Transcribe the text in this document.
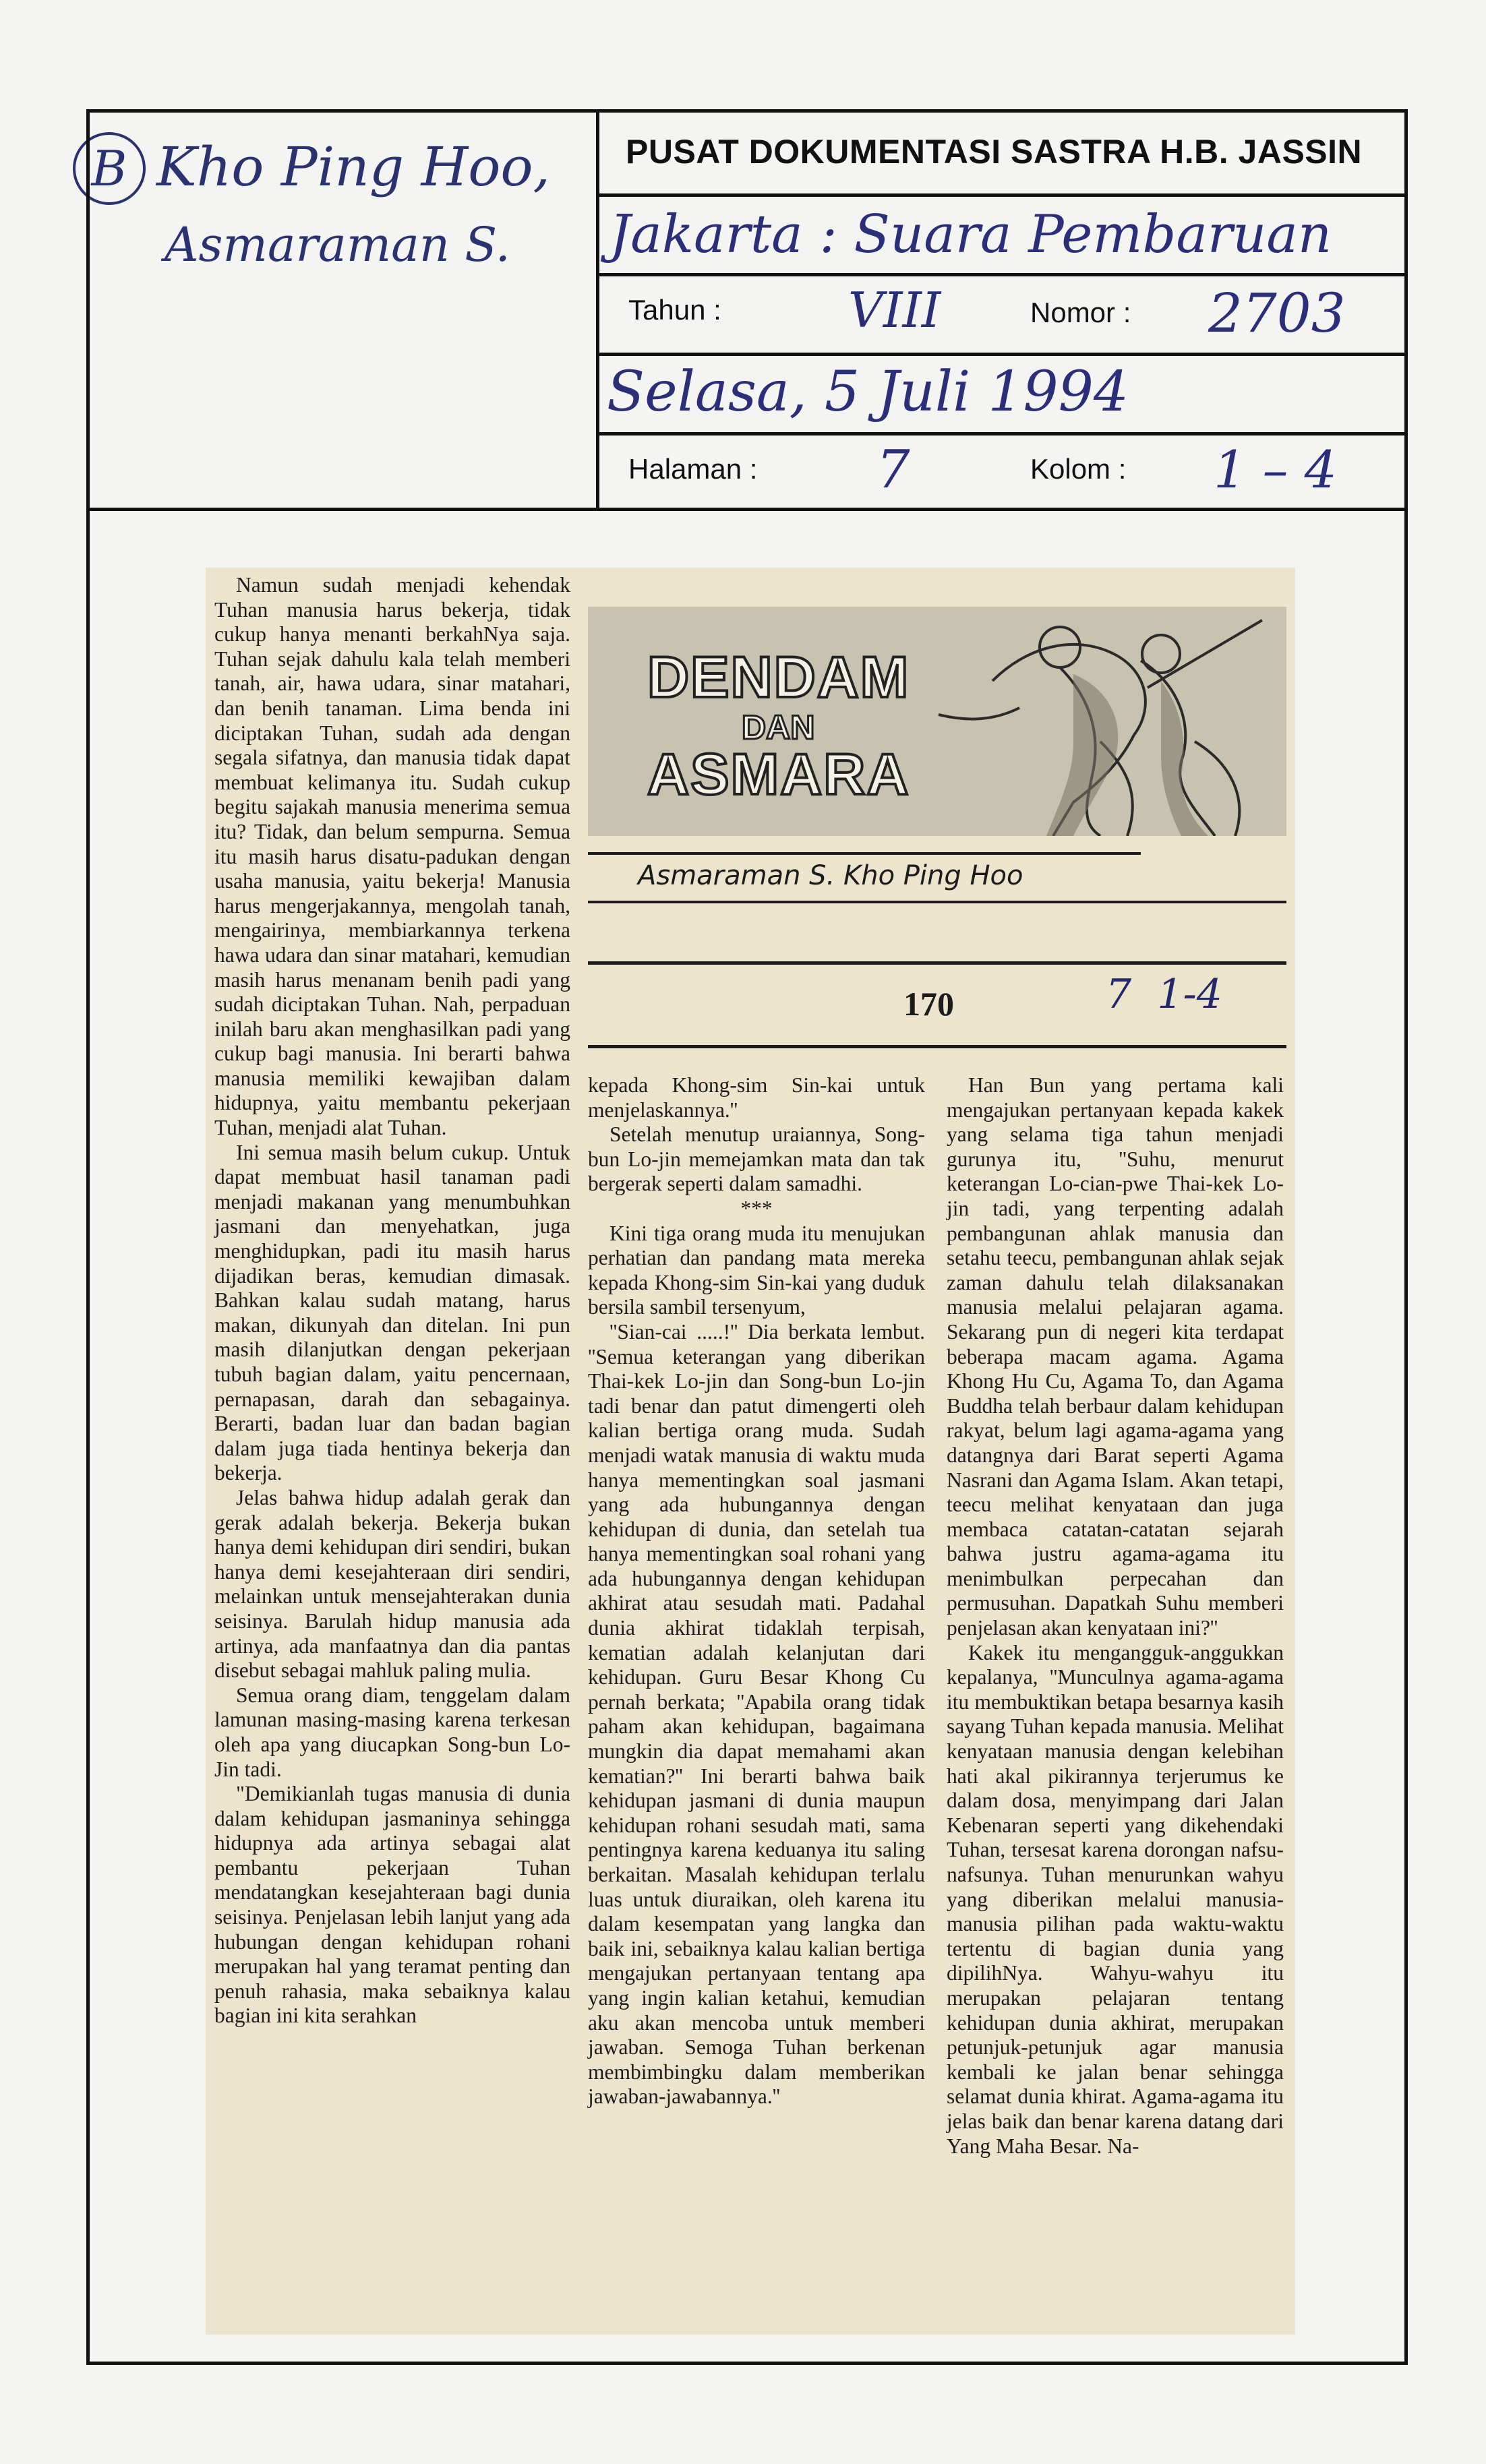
B Kho Ping Hoo,
Asmaraman S.
PUSAT DOKUMENTASI SASTRA H.B. JASSIN
Jakarta : Suara Pembaruan
Tahun :	VIII	Nomor : 2703
Selasa, 5 Juli 1994
Halaman : 7	Kolom : 1 – 4
DENDAM
DAN
ASMARA
Asmaraman S. Kho Ping Hoo
170	7  1-4

Namun sudah menjadi kehendak Tuhan manusia harus bekerja, tidak cukup hanya menanti berkahNya saja. Tuhan sejak dahulu kala telah memberi tanah, air, hawa udara, sinar matahari, dan benih tanaman. Lima benda ini diciptakan Tuhan, sudah ada dengan segala sifatnya, dan manusia tidak dapat membuat kelimanya itu. Sudah cukup begitu sajakah manusia menerima semua itu? Tidak, dan belum sempurna. Semua itu masih harus disatu-padukan dengan usaha manusia, yaitu bekerja! Manusia harus mengerjakannya, mengolah tanah, mengairinya, membiarkannya terkena hawa udara dan sinar matahari, kemudian masih harus menanam benih padi yang sudah diciptakan Tuhan. Nah, perpaduan inilah baru akan menghasilkan padi yang cukup bagi manusia. Ini berarti bahwa manusia memiliki kewajiban dalam hidupnya, yaitu membantu pekerjaan Tuhan, menjadi alat Tuhan.

Ini semua masih belum cukup. Untuk dapat membuat hasil tanaman padi menjadi makanan yang menumbuhkan jasmani dan menyehatkan, juga menghidupkan, padi itu masih harus dijadikan beras, kemudian dimasak. Bahkan kalau sudah matang, harus makan, dikunyah dan ditelan. Ini pun masih dilanjutkan dengan pekerjaan tubuh bagian dalam, yaitu pencernaan, pernapasan, darah dan sebagainya. Berarti, badan luar dan badan bagian dalam juga tiada hentinya bekerja dan bekerja.

Jelas bahwa hidup adalah gerak dan gerak adalah bekerja. Bekerja bukan hanya demi kehidupan diri sendiri, bukan hanya demi kesejahteraan diri sendiri, melainkan untuk mensejahterakan dunia seisinya. Barulah hidup manusia ada artinya, ada manfaatnya dan dia pantas disebut sebagai mahluk paling mulia.

Semua orang diam, tenggelam dalam lamunan masing-masing karena terkesan oleh apa yang diucapkan Song-bun Lo-Jin tadi.

"Demikianlah tugas manusia di dunia dalam kehidupan jasmaninya sehingga hidupnya ada artinya sebagai alat pembantu pekerjaan Tuhan mendatangkan kesejahteraan bagi dunia seisinya. Penjelasan lebih lanjut yang ada hubungan dengan kehidupan rohani merupakan hal yang teramat penting dan penuh rahasia, maka sebaiknya kalau bagian ini kita serahkan

kepada Khong-sim Sin-kai untuk menjelaskannya.''

Setelah menutup uraiannya, Song-bun Lo-jin memejamkan mata dan tak bergerak seperti dalam samadhi.

***

Kini tiga orang muda itu menujukan perhatian dan pandang mata mereka kepada Khong-sim Sin-kai yang duduk bersila sambil tersenyum,

''Sian-cai .....!'' Dia berkata lembut. ''Semua keterangan yang diberikan Thai-kek Lo-jin dan Song-bun Lo-jin tadi benar dan patut dimengerti oleh kalian bertiga orang muda. Sudah menjadi watak manusia di waktu muda hanya mementingkan soal jasmani yang ada hubungannya dengan kehidupan di dunia, dan setelah tua hanya mementingkan soal rohani yang ada hubungannya dengan kehidupan akhirat atau sesudah mati. Padahal dunia akhirat tidaklah terpisah, kematian adalah kelanjutan dari kehidupan. Guru Besar Khong Cu pernah berkata; ''Apabila orang tidak paham akan kehidupan, bagaimana mungkin dia dapat memahami akan kematian?'' Ini berarti bahwa baik kehidupan jasmani di dunia maupun kehidupan rohani sesudah mati, sama pentingnya karena keduanya itu saling berkaitan. Masalah kehidupan terlalu luas untuk diuraikan, oleh karena itu dalam kesempatan yang langka dan baik ini, sebaiknya kalau kalian bertiga mengajukan pertanyaan tentang apa yang ingin kalian ketahui, kemudian aku akan mencoba untuk memberi jawaban. Semoga Tuhan berkenan membimbingku dalam memberikan jawaban-jawabannya.''

Han Bun yang pertama kali mengajukan pertanyaan kepada kakek yang selama tiga tahun menjadi gurunya itu, ''Suhu, menurut keterangan Lo-cian-pwe Thai-kek Lo-jin tadi, yang terpenting adalah pembangunan ahlak manusia dan setahu teecu, pembangunan ahlak sejak zaman dahulu telah dilaksanakan manusia melalui pelajaran agama. Sekarang pun di negeri kita terdapat beberapa macam agama. Agama Khong Hu Cu, Agama To, dan Agama Buddha telah berbaur dalam kehidupan rakyat, belum lagi agama-agama yang datangnya dari Barat seperti Agama Nasrani dan Agama Islam. Akan tetapi, teecu melihat kenyataan dan juga membaca catatan-catatan sejarah bahwa justru agama-agama itu menimbulkan perpecahan dan permusuhan. Dapatkah Suhu memberi penjelasan akan kenyataan ini?''

Kakek itu mengangguk-anggukkan kepalanya, ''Munculnya agama-agama itu membuktikan betapa besarnya kasih sayang Tuhan kepada manusia. Melihat kenyataan manusia dengan kelebihan hati akal pikirannya terjerumus ke dalam dosa, menyimpang dari Jalan Kebenaran seperti yang dikehendaki Tuhan, tersesat karena dorongan nafsu-nafsunya. Tuhan menurunkan wahyu yang diberikan melalui manusia-manusia pilihan pada waktu-waktu tertentu di bagian dunia yang dipilihNya. Wahyu-wahyu itu merupakan pelajaran tentang kehidupan dunia akhirat, merupakan petunjuk-petunjuk agar manusia kembali ke jalan benar sehingga selamat dunia khirat. Agama-agama itu jelas baik dan benar karena datang dari Yang Maha Besar. Na-
